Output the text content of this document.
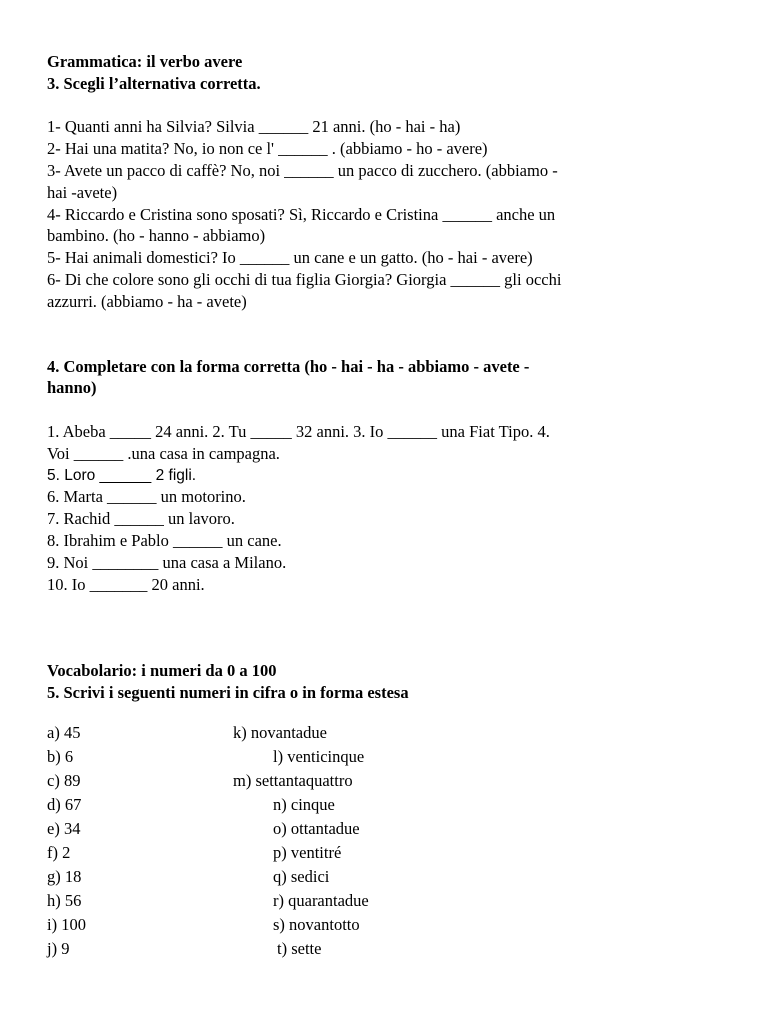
Grammatica: il verbo avere
3. Scegli l’alternativa corretta.
1- Quanti anni ha Silvia? Silvia ______ 21 anni. (ho - hai - ha)
2- Hai una matita? No, io non ce l' ______ . (abbiamo - ho - avere)
3- Avete un pacco di caffè? No, noi ______ un pacco di zucchero. (abbiamo -
hai -avete)
4- Riccardo e Cristina sono sposati? Sì, Riccardo e Cristina ______ anche un
bambino. (ho - hanno - abbiamo)
5- Hai animali domestici? Io ______ un cane e un gatto. (ho - hai - avere)
6- Di che colore sono gli occhi di tua figlia Giorgia? Giorgia ______ gli occhi
azzurri. (abbiamo - ha - avete)
4. Completare con la forma corretta (ho - hai - ha - abbiamo - avete -
hanno)
1. Abeba _____ 24 anni. 2. Tu _____ 32 anni. 3. Io ______ una Fiat Tipo. 4.
Voi ______ .una casa in campagna.
5. Loro ______ 2 figli.
6. Marta ______ un motorino.
7. Rachid ______ un lavoro.
8. Ibrahim e Pablo ______ un cane.
9. Noi ________ una casa a Milano.
10. Io _______ 20 anni.
Vocabolario: i numeri da 0 a 100
5. Scrivi i seguenti numeri in cifra o in forma estesa
a) 45	k) novantadue
b) 6	l) venticinque
c) 89	m) settantaquattro
d) 67	n) cinque
e) 34	o) ottantadue
f) 2	p) ventitré
g) 18	q) sedici
h) 56	r) quarantadue
i) 100	s) novantotto
j) 9	t) sette
